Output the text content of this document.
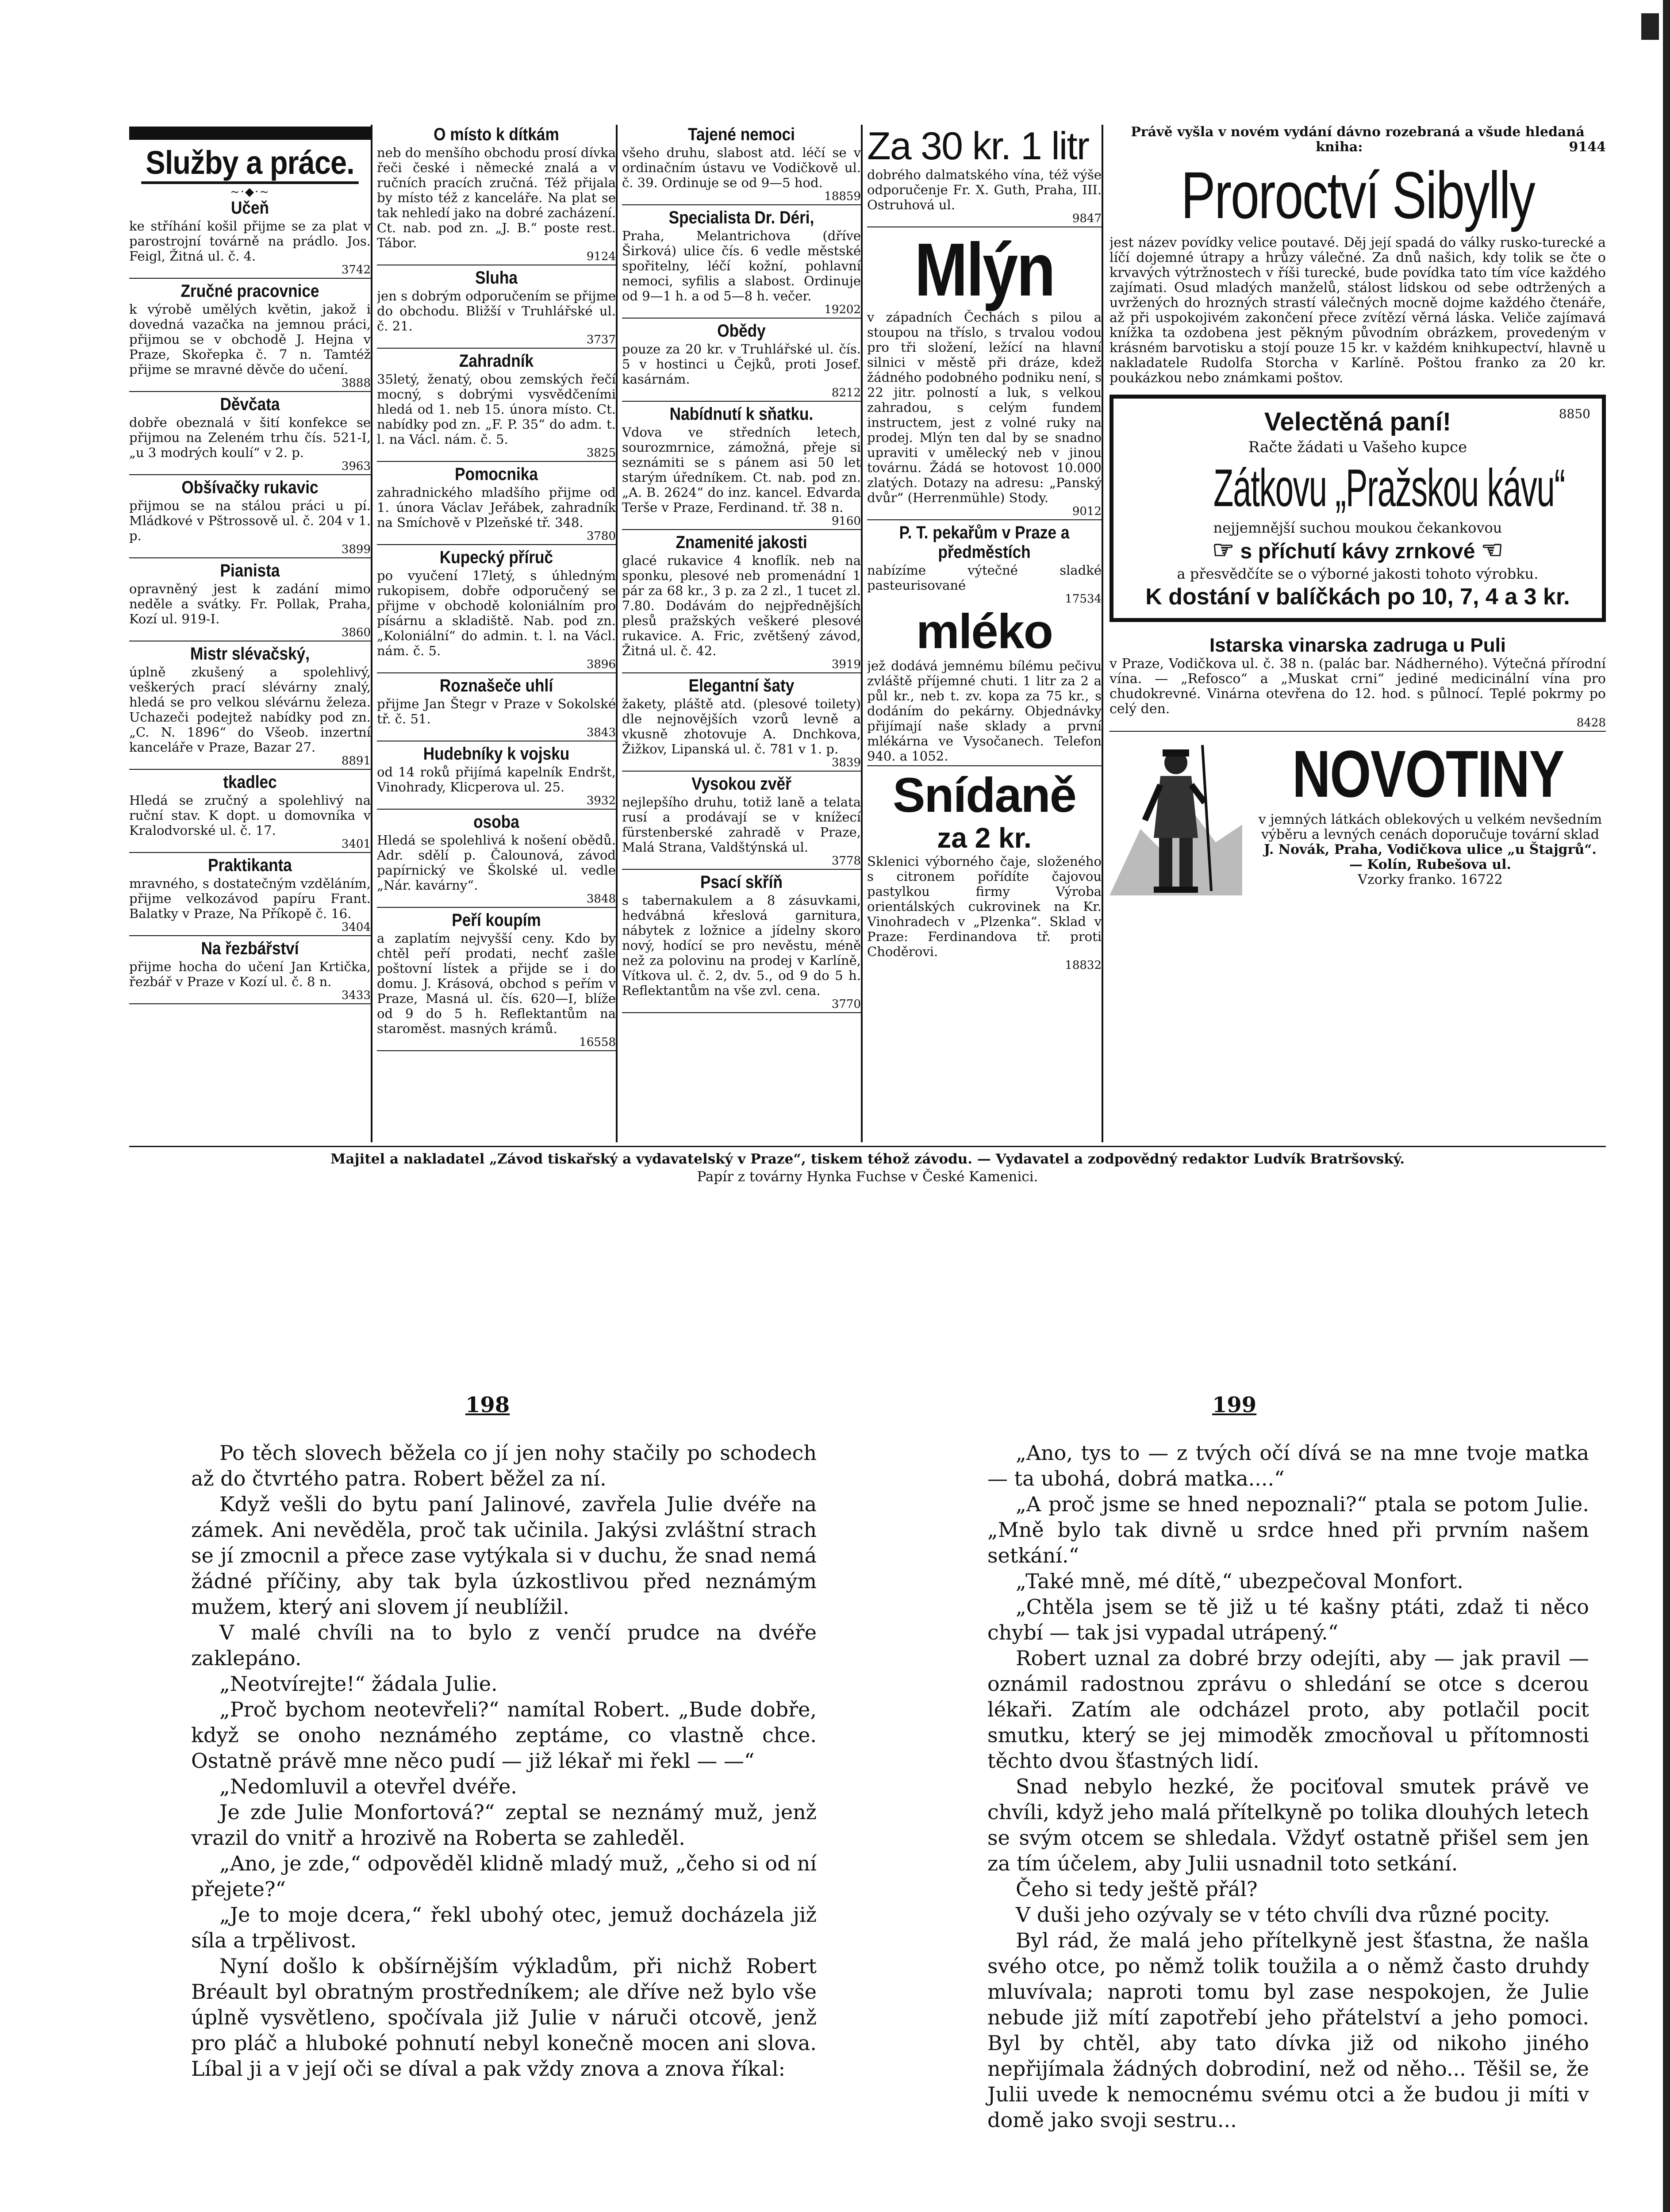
Služby a práce.
~·◆·~
Učeň
ke stříhání košil přijme se za plat v parostrojní továrně na prádlo. Jos. Feigl, Žitná ul. č. 4.
3742
Zručné pracovnice
k výrobě umělých květin, jakož i dovedná vazačka na jemnou práci, přijmou se v obchodě J. Hejna v Praze, Skořepka č. 7 n. Tamtéž přijme se mravné děvče do učení.
3888
Děvčata
dobře obeznalá v šití konfekce se přijmou na Zeleném trhu čís. 521-I, „u 3 modrých koulí“ v 2. p.
3963
Obšívačky rukavic
přijmou se na stálou práci u pí. Mládkové v Pštrossově ul. č. 204 v 1. p.
3899
Pianista
opravněný jest k zadání mimo neděle a svátky. Fr. Pollak, Praha, Kozí ul. 919-I.
3860
Mistr slévačský,
úplně zkušený a spolehlivý, veškerých prací slévárny znalý, hledá se pro velkou slévárnu železa. Uchazeči podejtež nabídky pod zn. „C. N. 1896“ do Všeob. inzertní kanceláře v Praze, Bazar 27.
8891
tkadlec
Hledá se zručný a spolehlivý na ruční stav. K dopt. u domovníka v Kralodvorské ul. č. 17.
3401
Praktikanta
mravného, s dostatečným vzděláním, přijme velkozávod papíru Frant. Balatky v Praze, Na Příkopě č. 16.
3404
Na řezbářství
přijme hocha do učení Jan Krtička, řezbář v Praze v Kozí ul. č. 8 n.
3433
O místo k dítkám
neb do menšího obchodu prosí dívka řeči české i německé znalá a v ručních pracích zručná. Též přijala by místo též z kanceláře. Na plat se tak nehledí jako na dobré zacházení. Ct. nab. pod zn. „J. B.“ poste rest. Tábor.
9124
Sluha
jen s dobrým odporučením se přijme do obchodu. Bližší v Truhlářské ul. č. 21.
3737
Zahradník
35letý, ženatý, obou zemských řečí mocný, s dobrými vysvědčeními hledá od 1. neb 15. února místo. Ct. nabídky pod zn. „F. P. 35“ do adm. t. l. na Václ. nám. č. 5.
3825
Pomocnika
zahradnického mladšího přijme od 1. února Václav Jeřábek, zahradník na Smíchově v Plzeňské tř. 348.
3780
Kupecký příruč
po vyučení 17letý, s úhledným rukopisem, dobře odporučený se přijme v obchodě koloniálním pro písárnu a skladiště. Nab. pod zn. „Koloniální“ do admin. t. l. na Václ. nám. č. 5.
3896
Roznašeče uhlí
přijme Jan Štegr v Praze v Sokolské tř. č. 51.
3843
Hudebníky k vojsku
od 14 roků přijímá kapelník Endršt, Vinohrady, Klicperova ul. 25.
3932
osoba
Hledá se spolehlivá k nošení obědů. Adr. sdělí p. Čalounová, závod papírnický ve Školské ul. vedle „Nár. kavárny“.
3848
Peří koupím
a zaplatím nejvyšší ceny. Kdo by chtěl peří prodati, nechť zašle poštovní lístek a přijde se i do domu. J. Krásová, obchod s peřím v Praze, Masná ul. čís. 620—I, blíže od 9 do 5 h. Reflektantům na staroměst. masných krámů.
16558
Tajené nemoci
všeho druhu, slabost atd. léčí se v ordinačním ústavu ve Vodičkově ul. č. 39. Ordinuje se od 9—5 hod.
18859
Specialista Dr. Déri,
Praha, Melantrichova (dříve Širková) ulice čís. 6 vedle městské spořitelny, léčí kožní, pohlavní nemoci, syfilis a slabost. Ordinuje od 9—1 h. a od 5—8 h. večer.
19202
Obědy
pouze za 20 kr. v Truhlářské ul. čís. 5 v hostinci u Čejků, proti Josef. kasárnám.
8212
Nabídnutí k sňatku.
Vdova ve středních letech, sourozmrnice, zámožná, přeje si seznámiti se s pánem asi 50 let starým úředníkem. Ct. nab. pod zn. „A. B. 2624“ do inz. kancel. Edvarda Terše v Praze, Ferdinand. tř. 38 n.
9160
Znamenité jakosti
glacé rukavice 4 knoflík. neb na sponku, plesové neb promenádní 1 pár za 68 kr., 3 p. za 2 zl., 1 tucet zl. 7.80. Dodávám do nejpřednějších plesů pražských veškeré plesové rukavice. A. Fric, zvětšený závod, Žitná ul. č. 42.
3919
Elegantní šaty
žakety, pláště atd. (plesové toilety) dle nejnovějších vzorů levně a vkusně zhotovuje A. Dnchkova, Žižkov, Lipanská ul. č. 781 v 1. p.
3839
Vysokou zvěř
nejlepšího druhu, totiž laně a telata rusí a prodávají se v knížecí fürstenberské zahradě v Praze, Malá Strana, Valdštýnská ul.
3778
Psací skříň
s tabernakulem a 8 zásuvkami, hedvábná křeslová garnitura, nábytek z ložnice a jídelny skoro nový, hodící se pro nevěstu, méně než za polovinu na prodej v Karlíně, Vítkova ul. č. 2, dv. 5., od 9 do 5 h. Reflektantům na vše zvl. cena.
3770
Za 30 kr. 1 litr
dobrého dalmatského vína, též výše odporučenje Fr. X. Guth, Praha, III. Ostruhová ul.
9847
Mlýn
v západních Čechách s pilou a stoupou na tříslo, s trvalou vodou pro tři složení, ležící na hlavní silnici v městě při dráze, kdež žádného podobného podniku není, s 22 jitr. polností a luk, s velkou zahradou, s celým fundem instructem, jest z volné ruky na prodej. Mlýn ten dal by se snadno upraviti v umělecký neb v jinou továrnu. Žádá se hotovost 10.000 zlatých. Dotazy na adresu: „Panský dvůr“ (Herrenmühle) Stody.
9012
P. T. pekařům v Praze a předměstích
nabízíme výtečné sladké pasteurisované
17534
mléko
jež dodává jemnému bílému pečivu zvláště příjemné chuti. 1 litr za 2 a půl kr., neb t. zv. kopa za 75 kr., s dodáním do pekárny. Objednávky přijímají naše sklady a první mlékárna ve Vysočanech. Telefon 940. a 1052.
Snídaně
za 2 kr.
Sklenici výborného čaje, složeného s citronem pořídíte čajovou pastylkou firmy Výroba orientálských cukrovinek na Kr. Vinohradech v „Plzenka“. Sklad v Praze: Ferdinandova tř. proti Choděrovi.
18832
Právě vyšla v novém vydání dávno rozebraná a všude hledaná kniha:	9144
Proroctví Sibylly
jest název povídky velice poutavé. Děj její spadá do války rusko-turecké a líčí dojemné útrapy a hrůzy válečné. Za dnů našich, kdy tolik se čte o krvavých výtržnostech v říši turecké, bude povídka tato tím více každého zajímati. Osud mladých manželů, stálost lidskou od sebe odtržených a uvržených do hrozných strastí válečných mocně dojme každého čtenáře, až při uspokojivém zakončení přece zvítězí věrná láska. Veliče zajímavá knížka ta ozdobena jest pěkným původním obrázkem, provedeným v krásném barvotisku a stojí pouze 15 kr. v každém knihkupectví, hlavně u nakladatele Rudolfa Storcha v Karlíně. Poštou franko za 20 kr. poukázkou nebo známkami poštov.
8850
Velectěná paní!
Račte žádati u Vašeho kupce
Zátkovu „Pražskou kávu“
nejjemnější suchou moukou čekankovou
☞ s příchutí kávy zrnkové ☜
a přesvědčíte se o výborné jakosti tohoto výrobku.
K dostání v balíčkách po 10, 7, 4 a 3 kr.
Istarska vinarska zadruga u Puli
v Praze, Vodičkova ul. č. 38 n. (palác bar. Nádherného). Výtečná přírodní vína. — „Refosco“ a „Muskat crni“ jediné medicinální vína pro chudokrevné. Vinárna otevřena do 12. hod. s půlnocí. Teplé pokrmy po celý den.
8428
NOVOTINY
v jemných látkách oblekových u velkém nevšedním výběru a levných cenách doporučuje tovární sklad
J. Novák, Praha, Vodičkova ulice „u Štajgrů“. — Kolín, Rubešova ul.
Vzorky franko. 16722
Majitel a nakladatel „Závod tiskařský a vydavatelský v Praze“, tiskem téhož závodu. — Vydavatel a zodpovědný redaktor Ludvík Bratršovský.
Papír z továrny Hynka Fuchse v České Kamenici.
198	199

Po těch slovech běžela co jí jen nohy stačily po schodech až do čtvrtého patra. Robert běžel za ní.

Když vešli do bytu paní Jalinové, zavřela Julie dvéře na zámek. Ani nevěděla, proč tak učinila. Jakýsi zvláštní strach se jí zmocnil a přece zase vytýkala si v duchu, že snad nemá žádné příčiny, aby tak byla úzkostlivou před neznámým mužem, který ani slovem jí neublížil.

V malé chvíli na to bylo z venčí prudce na dvéře zaklepáno.

„Neotvírejte!“ žádala Julie.

„Proč bychom neotevřeli?“ namítal Robert. „Bude dobře, když se onoho neznámého zeptáme, co vlastně chce. Ostatně právě mne něco pudí — již lékař mi řekl — —“

„Nedomluvil a otevřel dvéře.

Je zde Julie Monfortová?“ zeptal se neznámý muž, jenž vrazil do vnitř a hrozivě na Roberta se zahleděl.

„Ano, je zde,“ odpověděl klidně mladý muž, „čeho si od ní přejete?“

„Je to moje dcera,“ řekl ubohý otec, jemuž docházela již síla a trpělivost.

Nyní došlo k obšírnějším výkladům, při nichž Robert Bréault byl obratným prostředníkem; ale dříve než bylo vše úplně vysvětleno, spočívala již Julie v náruči otcově, jenž pro pláč a hluboké pohnutí nebyl konečně mocen ani slova. Líbal ji a v její oči se díval a pak vždy znova a znova říkal:

„Ano, tys to — z tvých očí dívá se na mne tvoje matka — ta ubohá, dobrá matka....“

„A proč jsme se hned nepoznali?“ ptala se potom Julie. „Mně bylo tak divně u srdce hned při prvním našem setkání.“

„Také mně, mé dítě,“ ubezpečoval Monfort.

„Chtěla jsem se tě již u té kašny ptáti, zdaž ti něco chybí — tak jsi vypadal utrápený.“

Robert uznal za dobré brzy odejíti, aby — jak pravil — oznámil radostnou zprávu o shledání se otce s dcerou lékaři. Zatím ale odcházel proto, aby potlačil pocit smutku, který se jej mimoděk zmocňoval u přítomnosti těchto dvou šťastných lidí.

Snad nebylo hezké, že pociťoval smutek právě ve chvíli, když jeho malá přítelkyně po tolika dlouhých letech se svým otcem se shledala. Vždyť ostatně přišel sem jen za tím účelem, aby Julii usnadnil toto setkání.

Čeho si tedy ještě přál?

V duši jeho ozývaly se v této chvíli dva různé pocity.

Byl rád, že malá jeho přítelkyně jest šťastna, že našla svého otce, po němž tolik toužila a o němž často druhdy mluvívala; naproti tomu byl zase nespokojen, že Julie nebude již mítí zapotřebí jeho přátelství a jeho pomoci. Byl by chtěl, aby tato dívka již od nikoho jiného nepřijímala žádných dobrodiní, než od něho... Těšil se, že Julii uvede k nemocnému svému otci a že budou ji míti v domě jako svoji sestru...
